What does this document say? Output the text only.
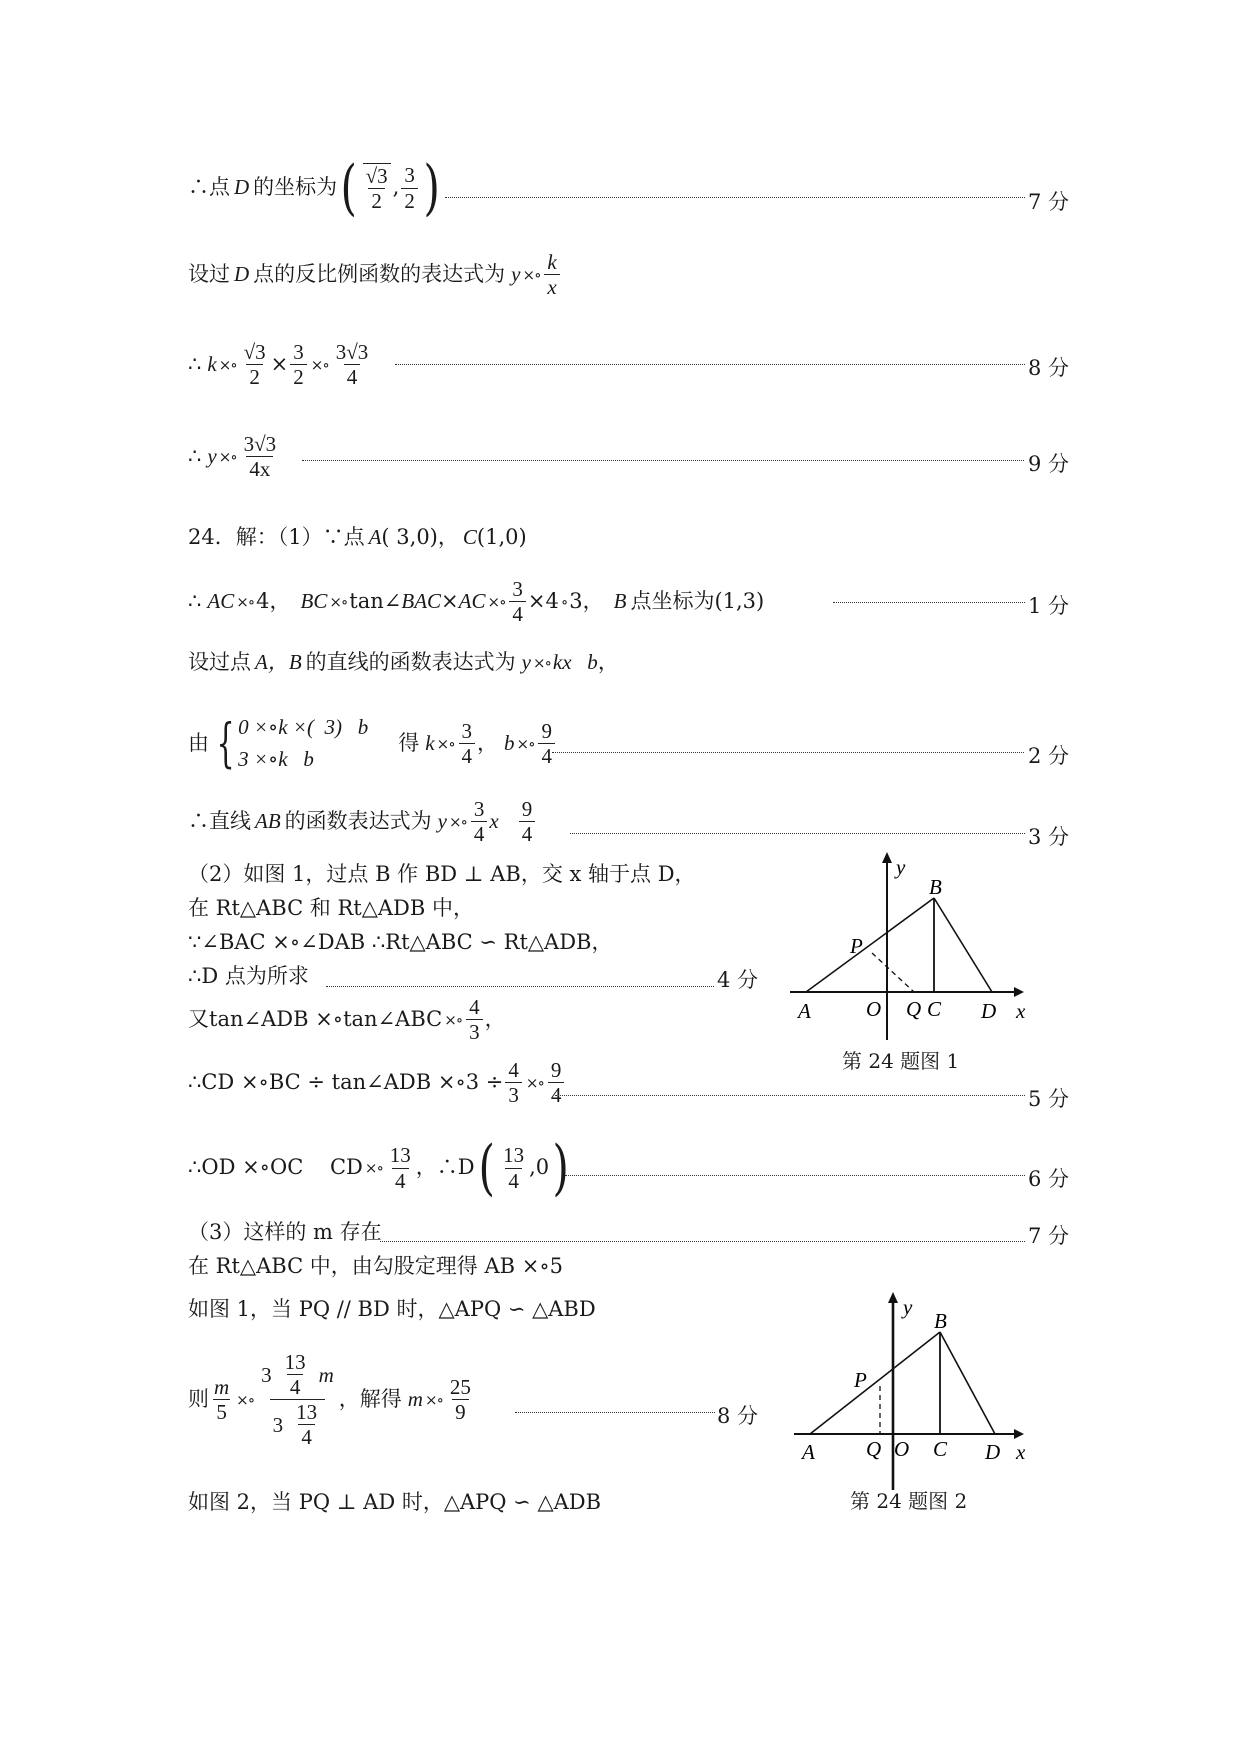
∴点 D 的坐标为 ( $\frac{√3}{2}$ , $\frac{3}{2}$ )	7 分
设过 D 点的反比例函数的表达式为 y ×∘ $\frac{k}{x}$
∴ k ×∘ $\frac{√3}{2} \times \frac{3}{2}$ ×∘ $\frac{3√3}{4}$	8 分
∴ y ×∘ $\frac{3√3}{4x}$	9 分
24．解：（1）∵点 A ( 3,0) ， C (1,0)
∴ AC ×∘ 4， BC ×∘ tan∠ BAC × AC ×∘ $\frac{3}{4} \times 4$ ∘ 3， B 点坐标为(1,3)	1 分
设过点 A，B 的直线的函数表达式为 y ×∘ kx   b ，
由 { 0 ×∘k ×(  3)   b
3 ×∘k   b
得 k ×∘ $\frac{3}{4}$ ， b ×∘ $\frac{9}{4}$	2 分
∴直线 AB 的函数表达式为 y ×∘ $\frac{3}{4}$ x $\frac{9}{4}$	3 分
（2）如图 1，过点 B 作 BD ⊥ AB，交 x 轴于点 D，
在 Rt△ABC 和 Rt△ADB 中，
∵∠BAC ×∘∠DAB ∴Rt△ABC ∽ Rt△ADB，
∴D 点为所求	4 分
又tan∠ADB ×∘tan∠ABC ×∘ $\frac{4}{3}$ ，
∴CD ×∘BC ÷ tan∠ADB ×∘3 ÷ $\frac{4}{3}$ ×∘ $\frac{9}{4}$	5 分
∴OD ×∘OC    CD ×∘ $\frac{13}{4}$ ，∴D ( $\frac{13}{4} ,0$ )	6 分
（3）这样的 m 存在	7 分
在 Rt△ABC 中，由勾股定理得 AB ×∘5
如图 1，当 PQ // BD 时，△APQ ∽ △ABD
则 $\frac{m}{5}$ ×∘ $\frac{3 \frac{13}{4} m}{3 \frac{13}{4}}$ ，解得 m ×∘ $\frac{25}{9}$	8 分
如图 2，当 PQ ⊥ AD 时，△APQ ∽ △ADB
y
B
P
A	O Q C D x
第 24 题图 1
y
B
P
A Q O C D x
第 24 题图 2
